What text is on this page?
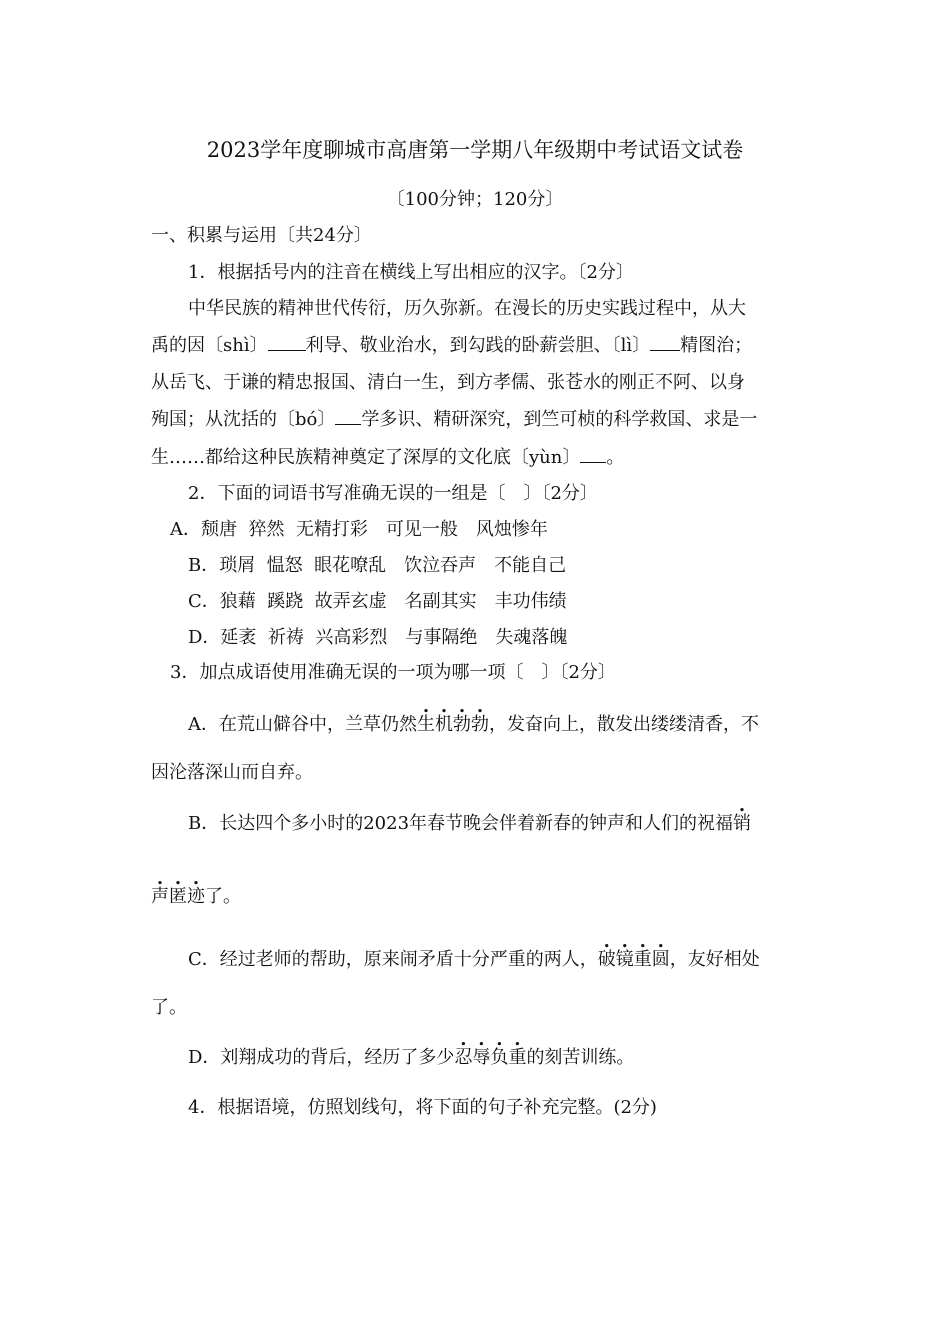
2023学年度聊城市高唐第一学期八年级期中考试语文试卷
〔100分钟；120分〕
一、积累与运用〔共24分〕
1．根据括号内的注音在横线上写出相应的汉字。〔2分〕
中华民族的精神世代传衍，历久弥新。在漫长的历史实践过程中，从大
禹的因〔shì〕 利导、敬业治水，到勾践的卧薪尝胆、〔lì〕 精图治；
从岳飞、于谦的精忠报国、清白一生，到方孝儒、张苍水的刚正不阿、以身
殉国；从沈括的〔bó〕 学多识、精研深究，到竺可桢的科学救国、求是一
生……都给这种民族精神奠定了深厚的文化底〔yùn〕 。
2．下面的词语书写准确无误的一组是〔　〕〔2分〕
A．颓唐  猝然  无精打彩　可见一般　风烛惨年
B．琐屑  愠怒  眼花嘹乱　饮泣吞声　不能自己
C．狼藉  蹊跷  故弄玄虚　名副其实　丰功伟绩
D．延袤  祈祷  兴高彩烈　与事隔绝　失魂落魄
3．加点成语使用准确无误的一项为哪一项〔　〕〔2分〕
A．在荒山僻谷中，兰草仍然生机勃勃，发奋向上，散发出缕缕清香，不
因沦落深山而自弃。
B．长达四个多小时的2023年春节晚会伴着新春的钟声和人们的祝福销
声匿迹了。
C．经过老师的帮助，原来闹矛盾十分严重的两人，破镜重圆，友好相处
了。
D．刘翔成功的背后，经历了多少忍辱负重的刻苦训练。
4．根据语境，仿照划线句，将下面的句子补充完整。(2分)
